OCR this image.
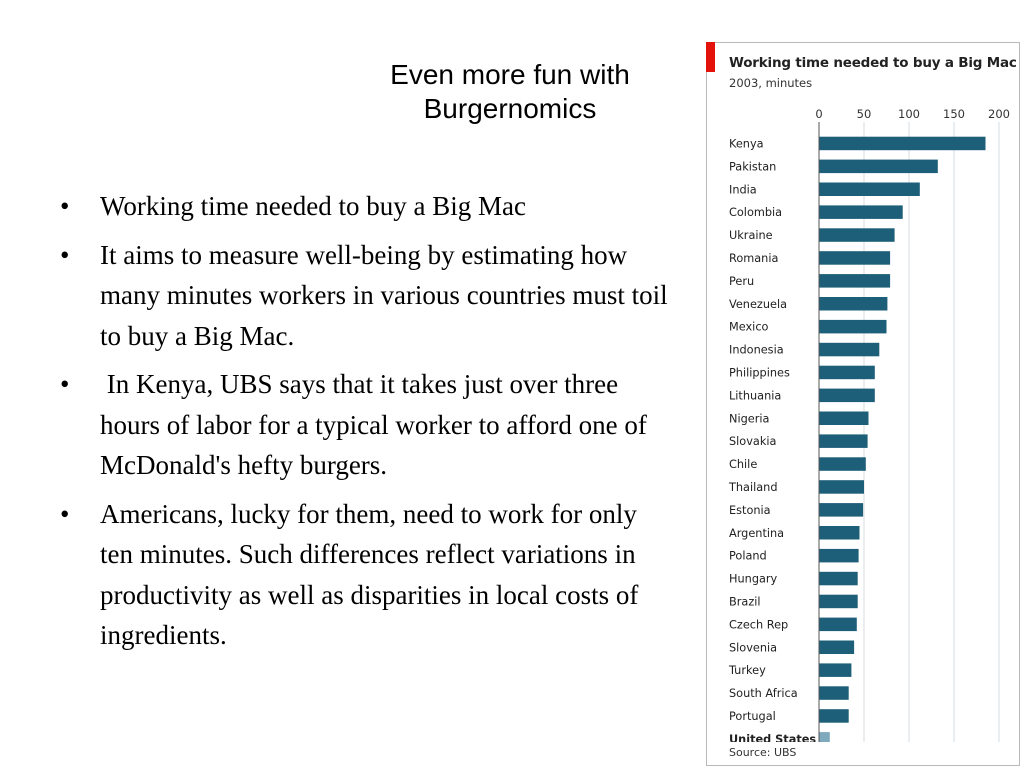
Even more fun with
Burgernomics
• Working time needed to buy a Big Mac
• It aims to measure well-being by estimating how many minutes workers in various countries must toil to buy a Big Mac.
• In Kenya, UBS says that it takes just over three hours of labor for a typical worker to afford one of McDonald's hefty burgers.
• Americans, lucky for them, need to work for only ten minutes. Such differences reflect variations in productivity as well as disparities in local costs of ingredients.
Working time needed to buy a Big Mac
2003, minutes
0	50 100 150 200
Kenya
Pakistan
India
Colombia
Ukraine
Romania
Peru
Venezuela
Mexico
Indonesia
Philippines
Lithuania
Nigeria
Slovakia
Chile
Thailand
Estonia
Argentina
Poland
Hungary
Brazil
Czech Rep
Slovenia
Turkey
South Africa
Portugal
United States
Source: UBS
